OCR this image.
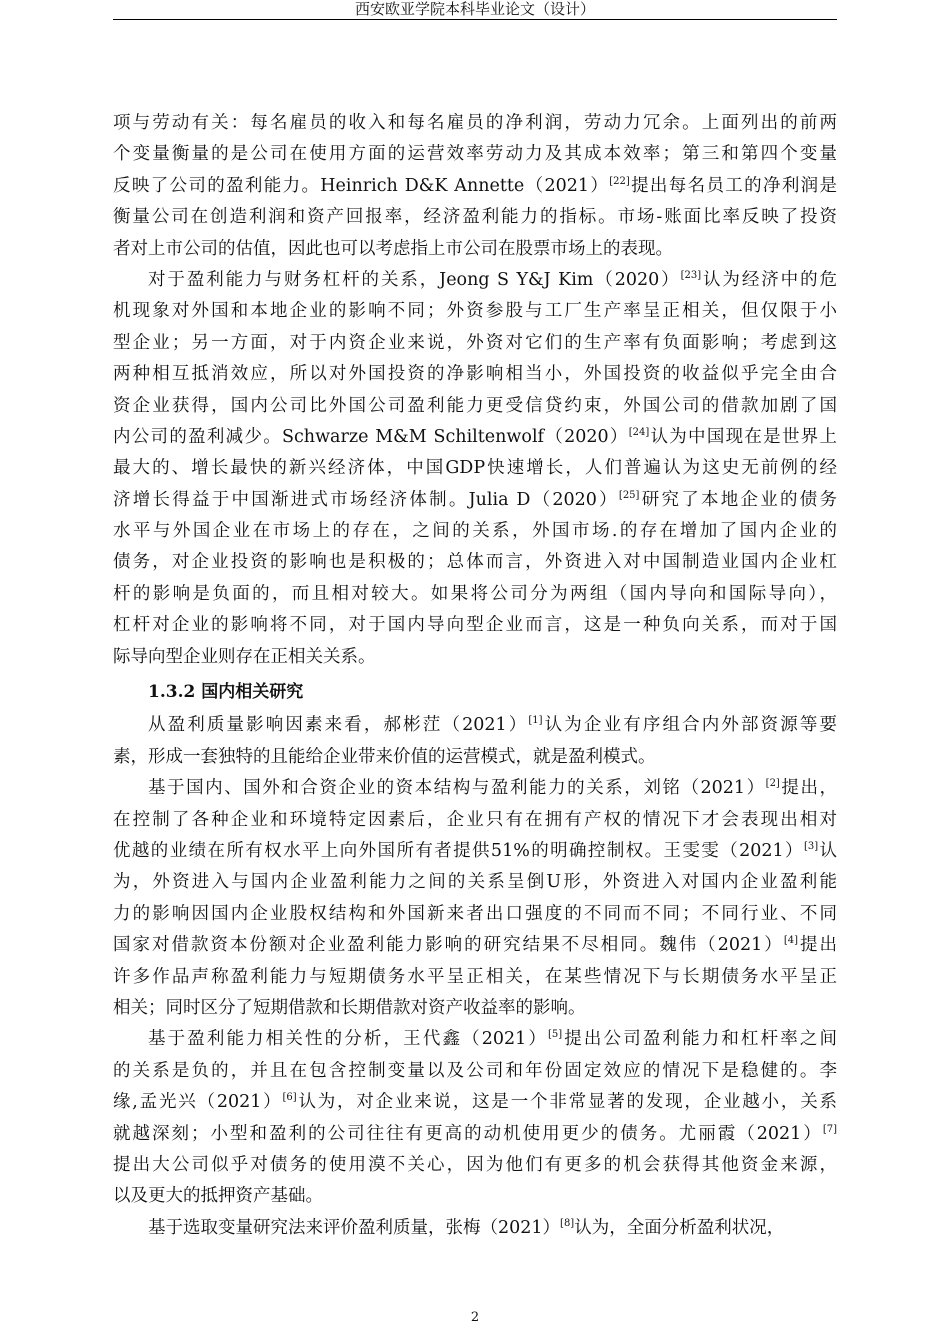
西安欧亚学院本科毕业论文（设计）
项与劳动有关：每名雇员的收入和每名雇员的净利润，劳动力冗余。上面列出的前两
个变量衡量的是公司在使用方面的运营效率劳动力及其成本效率；第三和第四个变量
反映了公司的盈利能力。Heinrich D&K Annette（2021）[22]提出每名员工的净利润是
衡量公司在创造利润和资产回报率，经济盈利能力的指标。市场-账面比率反映了投资
者对上市公司的估值，因此也可以考虑指上市公司在股票市场上的表现。
对于盈利能力与财务杠杆的关系，Jeong S Y&J Kim（2020）[23]认为经济中的危
机现象对外国和本地企业的影响不同；外资参股与工厂生产率呈正相关，但仅限于小
型企业；另一方面，对于内资企业来说，外资对它们的生产率有负面影响；考虑到这
两种相互抵消效应，所以对外国投资的净影响相当小，外国投资的收益似乎完全由合
资企业获得，国内公司比外国公司盈利能力更受信贷约束，外国公司的借款加剧了国
内公司的盈利减少。Schwarze M&M Schiltenwolf（2020）[24]认为中国现在是世界上
最大的、增长最快的新兴经济体，中国GDP快速增长，人们普遍认为这史无前例的经
济增长得益于中国渐进式市场经济体制。Julia D（2020）[25]研究了本地企业的债务
水平与外国企业在市场上的存在，之间的关系，外国市场.的存在增加了国内企业的
债务，对企业投资的影响也是积极的；总体而言，外资进入对中国制造业国内企业杠
杆的影响是负面的，而且相对较大。如果将公司分为两组（国内导向和国际导向），
杠杆对企业的影响将不同，对于国内导向型企业而言，这是一种负向关系，而对于国
际导向型企业则存在正相关关系。
1.3.2 国内相关研究
从盈利质量影响因素来看，郝彬茳（2021）[1]认为企业有序组合内外部资源等要
素，形成一套独特的且能给企业带来价值的运营模式，就是盈利模式。
基于国内、国外和合资企业的资本结构与盈利能力的关系，刘铭（2021）[2]提出，
在控制了各种企业和环境特定因素后，企业只有在拥有产权的情况下才会表现出相对
优越的业绩在所有权水平上向外国所有者提供51%的明确控制权。王雯雯（2021）[3]认
为，外资进入与国内企业盈利能力之间的关系呈倒U形，外资进入对国内企业盈利能
力的影响因国内企业股权结构和外国新来者出口强度的不同而不同；不同行业、不同
国家对借款资本份额对企业盈利能力影响的研究结果不尽相同。魏伟（2021）[4]提出
许多作品声称盈利能力与短期债务水平呈正相关，在某些情况下与长期债务水平呈正
相关；同时区分了短期借款和长期借款对资产收益率的影响。
基于盈利能力相关性的分析，王代鑫（2021）[5]提出公司盈利能力和杠杆率之间
的关系是负的，并且在包含控制变量以及公司和年份固定效应的情况下是稳健的。李
缘,孟光兴（2021）[6]认为，对企业来说，这是一个非常显著的发现，企业越小，关系
就越深刻；小型和盈利的公司往往有更高的动机使用更少的债务。尤丽霞（2021）[7]
提出大公司似乎对债务的使用漠不关心，因为他们有更多的机会获得其他资金来源，
以及更大的抵押资产基础。
基于选取变量研究法来评价盈利质量，张梅（2021）[8]认为，全面分析盈利状况，
2
